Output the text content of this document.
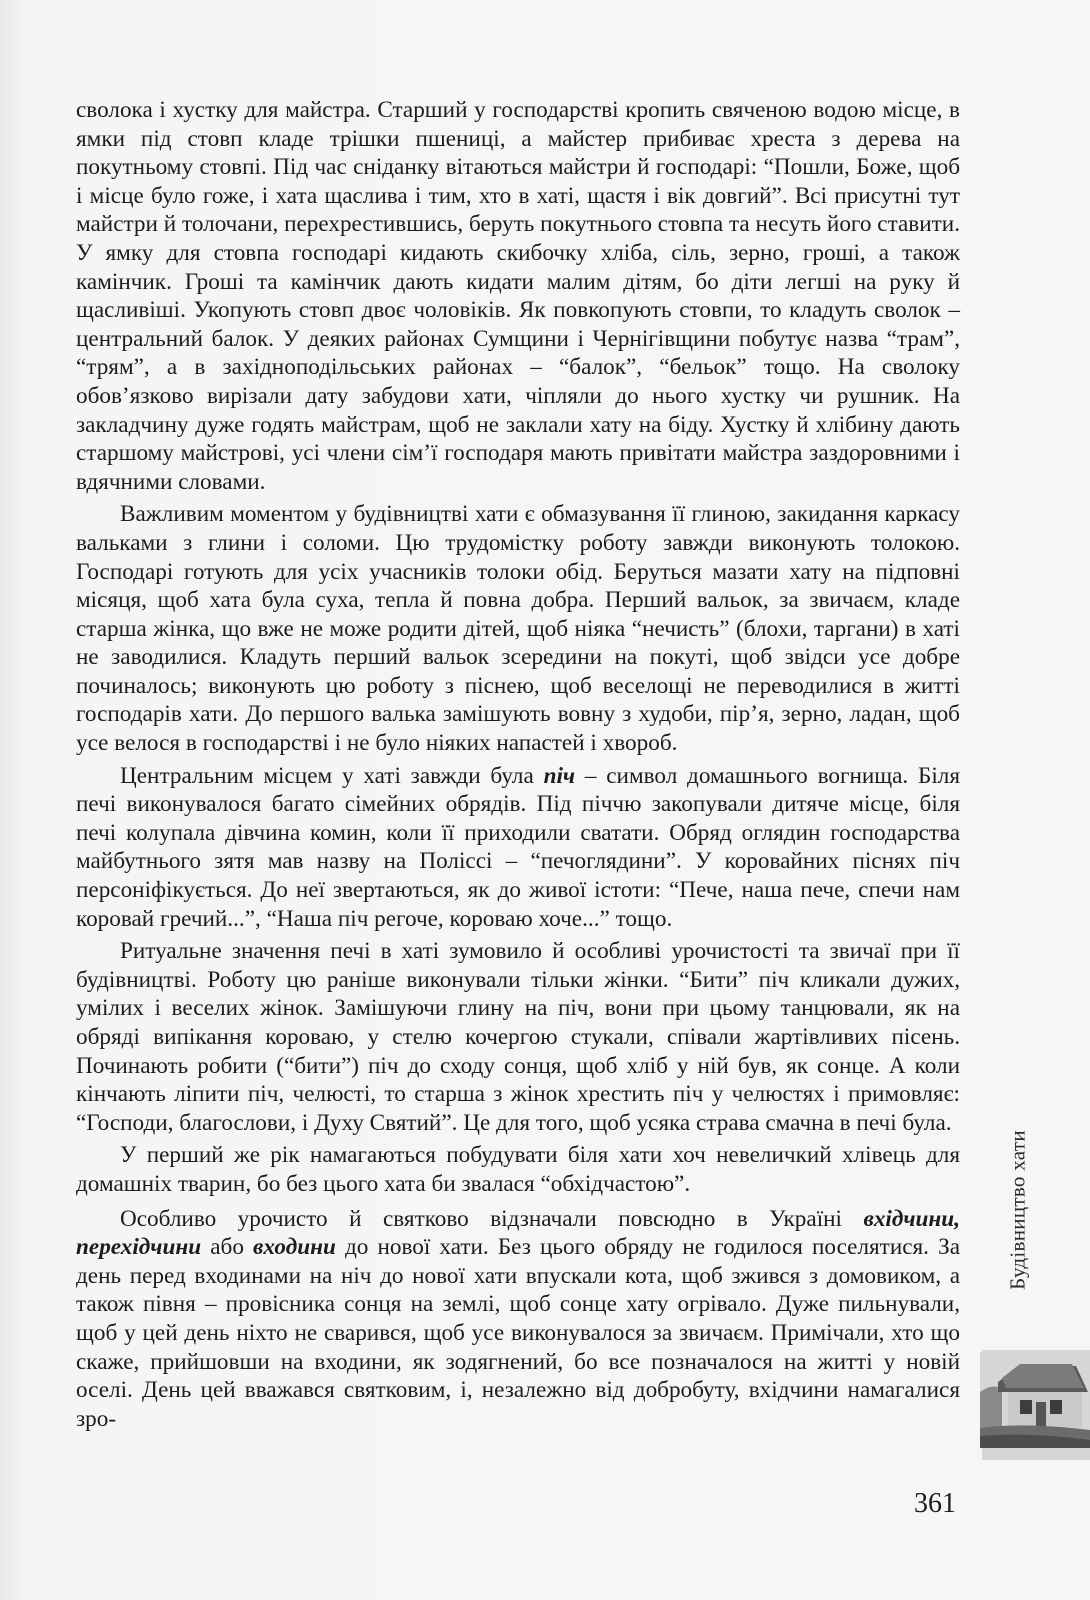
сволока і хустку для майстра. Старший у господарстві кропить свяченою водою місце, в ямки під стовп кладе трішки пшениці, а майстер прибиває хреста з дерева на покутньому стовпі. Під час сніданку вітаються майстри й господарі: “Пошли, Боже, щоб і місце було гоже, і хата щаслива і тим, хто в хаті, щастя і вік довгий”. Всі присутні тут майстри й толочани, перехрестившись, беруть покутнього стовпа та несуть його ставити. У ямку для стовпа господарі кидають скибочку хліба, сіль, зерно, гроші, а також камінчик. Гроші та камінчик дають кидати малим дітям, бо діти легші на руку й щасливіші. Укопують стовп двоє чоловіків. Як повкопують стовпи, то кладуть сволок – центральний балок. У деяких районах Сумщини і Чернігівщини побутує назва “трам”, “трям”, а в західноподільських районах – “балок”, “бельок” тощо. На сволоку обов’язково вирізали дату забудови хати, чіпляли до нього хустку чи рушник. На закладчину дуже годять майстрам, щоб не заклали хату на біду. Хустку й хлібину дають старшому майстрові, усі члени сім’ї господаря мають привітати майстра заздоровними і вдячними словами.

Важливим моментом у будівництві хати є обмазування її глиною, закидання каркасу вальками з глини і соломи. Цю трудомістку роботу завжди виконують толокою. Господарі готують для усіх учасників толоки обід. Беруться мазати хату на підповні місяця, щоб хата була суха, тепла й повна добра. Перший вальок, за звичаєм, кладе старша жінка, що вже не може родити дітей, щоб ніяка “нечисть” (блохи, таргани) в хаті не заводилися. Кладуть перший вальок зсередини на покуті, щоб звідси усе добре починалось; виконують цю роботу з піснею, щоб веселощі не переводилися в житті господарів хати. До першого валька замішують вовну з худоби, пір’я, зерно, ладан, щоб усе велося в господарстві і не було ніяких напастей і хвороб.

Центральним місцем у хаті завжди була піч – символ домашнього вогнища. Біля печі виконувалося багато сімейних обрядів. Під піччю закопували дитяче місце, біля печі колупала дівчина комин, коли її приходили сватати. Обряд оглядин господарства майбутнього зятя мав назву на Поліссі – “печоглядини”. У коровайних піснях піч персоніфікується. До неї звертаються, як до живої істоти: “Пече, наша пече, спечи нам коровай гречий...”, “Наша піч регоче, короваю хоче...” тощо.

Ритуальне значення печі в хаті зумовило й особливі урочистості та звичаї при її будівництві. Роботу цю раніше виконували тільки жінки. “Бити” піч кликали дужих, умілих і веселих жінок. Замішуючи глину на піч, вони при цьому танцювали, як на обряді випікання короваю, у стелю кочергою стукали, співали жартівливих пісень. Починають робити (“бити”) піч до сходу сонця, щоб хліб у ній був, як сонце. А коли кінчають ліпити піч, челюсті, то старша з жінок хрестить піч у челюстях і примовляє: “Господи, благослови, і Духу Святий”. Це для того, щоб усяка страва смачна в печі була.

У перший же рік намагаються побудувати біля хати хоч невеличкий хлівець для домашніх тварин, бо без цього хата би звалася “обхідчастою”.

Особливо урочисто й святково відзначали повсюдно в Україні вхідчини, перехідчини або входини до нової хати. Без цього обряду не годилося поселятися. За день перед входинами на ніч до нової хати впускали кота, щоб зжився з домовиком, а також півня – провісника сонця на землі, щоб сонце хату огрівало. Дуже пильнували, щоб у цей день ніхто не сварився, щоб усе виконувалося за звичаєм. Примічали, хто що скаже, прийшовши на входини, як зодягнений, бо все позначалося на житті у новій оселі. День цей вважався святковим, і, незалежно від добробуту, вхідчини намагалися зро-

Будівництво хати
361
